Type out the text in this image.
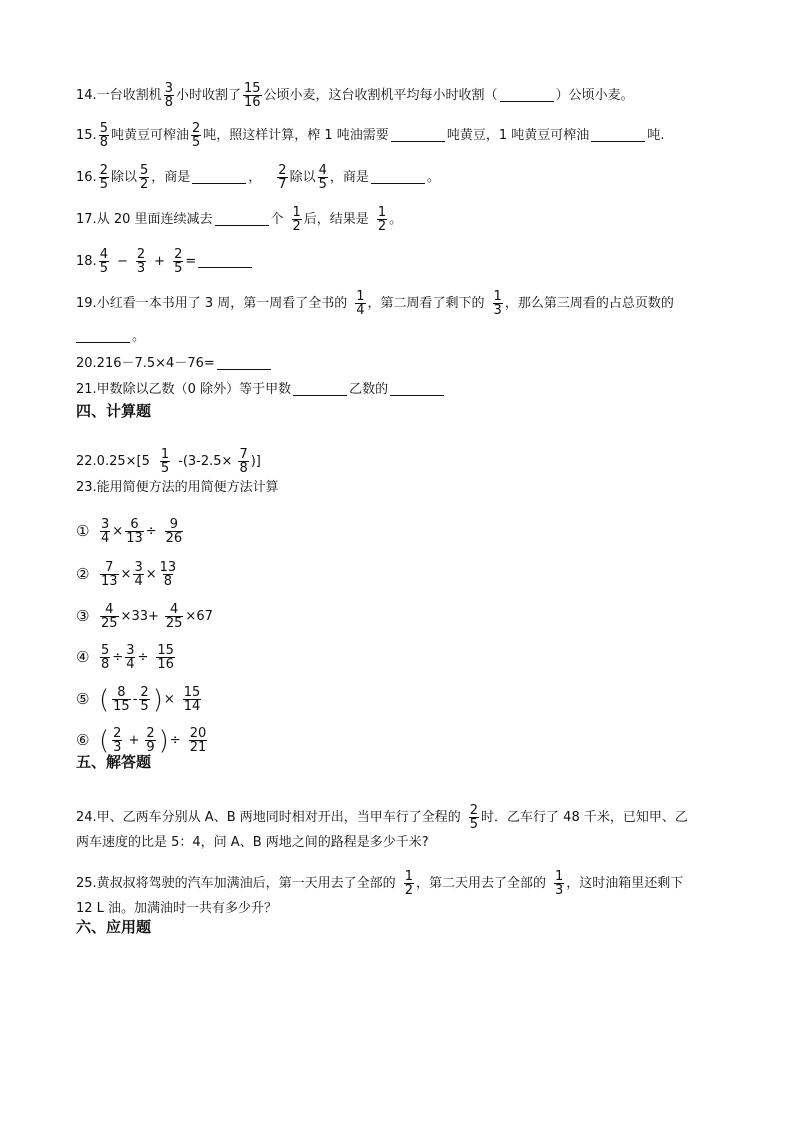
14. 一台收割机 $\frac{3}{8}$ 小时收割了 $\frac{15}{16}$ 公顷小麦，这台收割机平均每小时收割（	）公顷小麦。
15. $\frac{5}{8}$ 吨黄豆可榨油 $\frac{2}{5}$ 吨，照这样计算，榨 1 吨油需要	吨黄豆，1 吨黄豆可榨油	吨.
16. $\frac{2}{5}$ 除以 $\frac{5}{2}$ ，商是	， $\frac{2}{7}$ 除以 $\frac{4}{5}$ ，商是	。
17. 从 20 里面连续减去	个 $\frac{1}{2}$ 后，结果是 $\frac{1}{2}$ 。
18. $\frac{4}{5} - \frac{2}{3} + \frac{2}{5}$ =
19. 小红看一本书用了 3 周，第一周看了全书的 $\frac{1}{4}$ ，第二周看了剩下的 $\frac{1}{3}$ ，那么第三周看的占总页数的
。
20.216－7.5×4－76=
21.甲数除以乙数（0 除外）等于甲数	乙数的
四、计算题
$22.0.25\times[5 \frac{1}{5} -(3-2.5\times \frac{7}{8}$ )]
23.能用简便方法的用简便方法计算
① $\frac{3}{4} \times \frac{6}{13} \div \frac{9}{26}$
② $\frac{7}{13} \times \frac{3}{4} \times \frac{13}{8}$
③ $\frac{4}{25} \times 33+ \frac{4}{25} \times 67$
④ $\frac{5}{8} \div \frac{3}{4} \div \frac{15}{16}$
⑤ ( $\frac{8}{15} - \frac{2}{5}$ ) × $\frac{15}{14}$
⑥ ( $\frac{2}{3} + \frac{2}{9}$ ) ÷ $\frac{20}{21}$
五、解答题
24.甲、乙两车分别从 A、B 两地同时相对开出，当甲车行了全程的 $\frac{2}{5}$ 时．乙车行了 48 千米，已知甲、乙
两车速度的比是 5：4，问 A、B 两地之间的路程是多少千米?
25.黄叔叔将驾驶的汽车加满油后，第一天用去了全部的 $\frac{1}{2}$ ，第二天用去了全部的 $\frac{1}{3}$ ，这时油箱里还剩下
12 L 油。加满油时一共有多少升？
六、应用题
